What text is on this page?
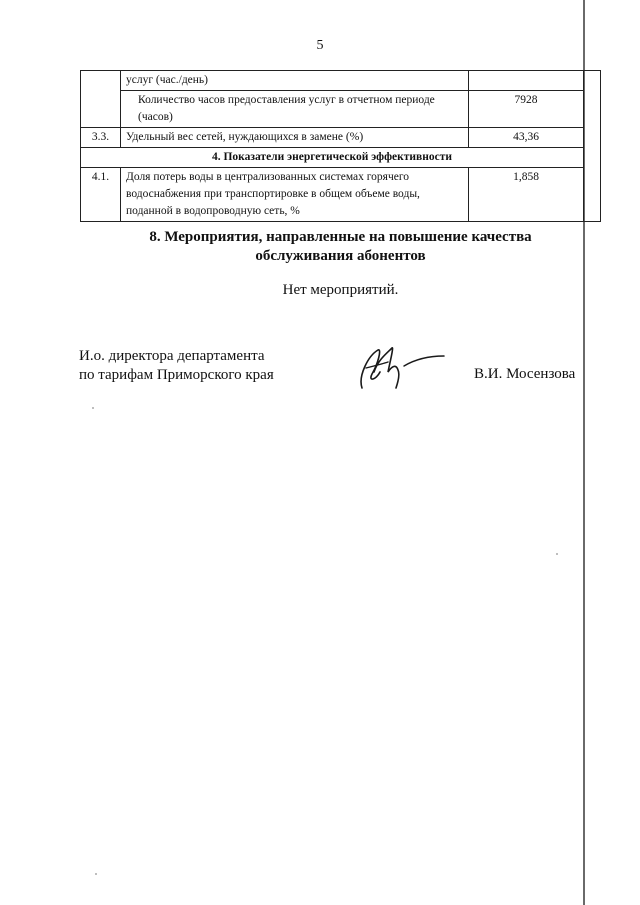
5
	услуг (час./день)		
	Количество часов предоставления услуг в отчетном периоде (часов)	7928	
3.3.	Удельный вес сетей, нуждающихся в замене (%)	43,36	
4. Показатели энергетической эффективности			
4.1.	Доля потерь воды в централизованных системах горячего водоснабжения при транспортировке в общем объеме воды, поданной в водопроводную сеть, %	1,858	
8. Мероприятия, направленные на повышение качества
обслуживания абонентов
Нет мероприятий.
И.о. директора департамента
по тарифам Приморского края	В.И. Мосензова
